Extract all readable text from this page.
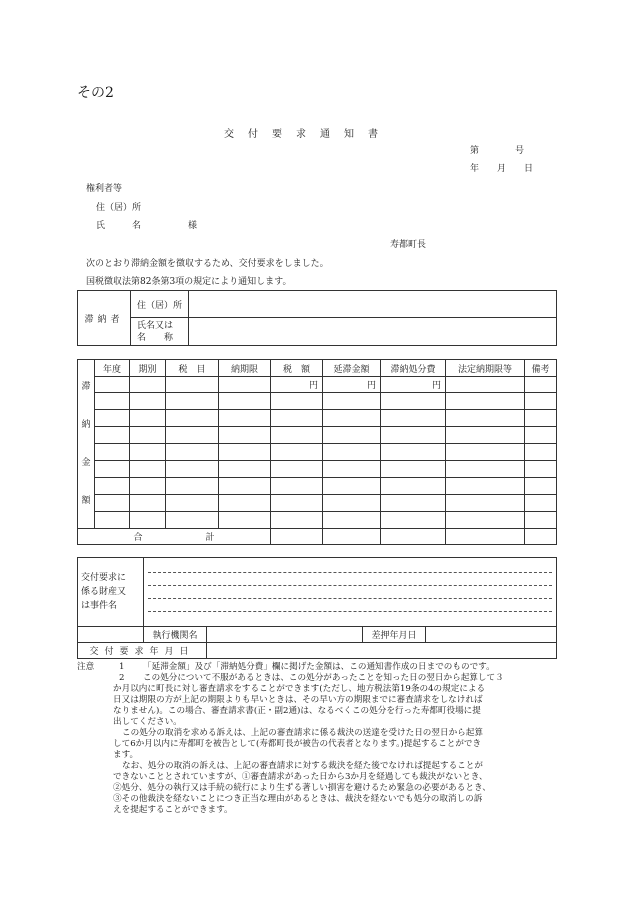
その2
交付要求通知書
第　　　　号
年　　月　　日
権利者等
住（居）所
氏　　　名	様
寿都町長
次のとおり滞納金額を徴収するため、交付要求をしました。
国税徴収法第82条第3項の規定により通知します。
滞納者	住（居）所	

	氏名又は
名　　称	

滞
納
金
額	年度	期別	税　目	納期限	税　額	延滞金額	滞納処分費	法定納期限等	備考
					円	円	円		

合　　　　　　　計									
交付要求に
係る財産又
は事件名				

	執行機関名		差押年月日	
交付要求年月日				
注意	1 「延滞金額」及び「滞納処分費」欄に掲げた金額は、この通知書作成の日までのものです。
2 この処分について不服があるときは、この処分があったことを知った日の翌日から起算して３
か月以内に町長に対し審査請求をすることができます(ただし、地方税法第19条の4の規定による
日又は期限の方が上記の期限よりも早いときは、その早い方の期限までに審査請求をしなければ
なりません)。この場合、審査請求書(正・副2通)は、なるべくこの処分を行った寿都町役場に提
出してください。
この処分の取消を求める訴えは、上記の審査請求に係る裁決の送達を受けた日の翌日から起算
して6か月以内に寿都町を被告として(寿都町長が被告の代表者となります。)提起することができ
ます。
なお、処分の取消の訴えは、上記の審査請求に対する裁決を経た後でなければ提起することが
できないこととされていますが、①審査請求があった日から3か月を経過しても裁決がないとき、
②処分、処分の執行又は手続の続行により生ずる著しい損害を避けるため緊急の必要があるとき、
③その他裁決を経ないことにつき正当な理由があるときは、裁決を経ないでも処分の取消しの訴
えを提起することができます。
